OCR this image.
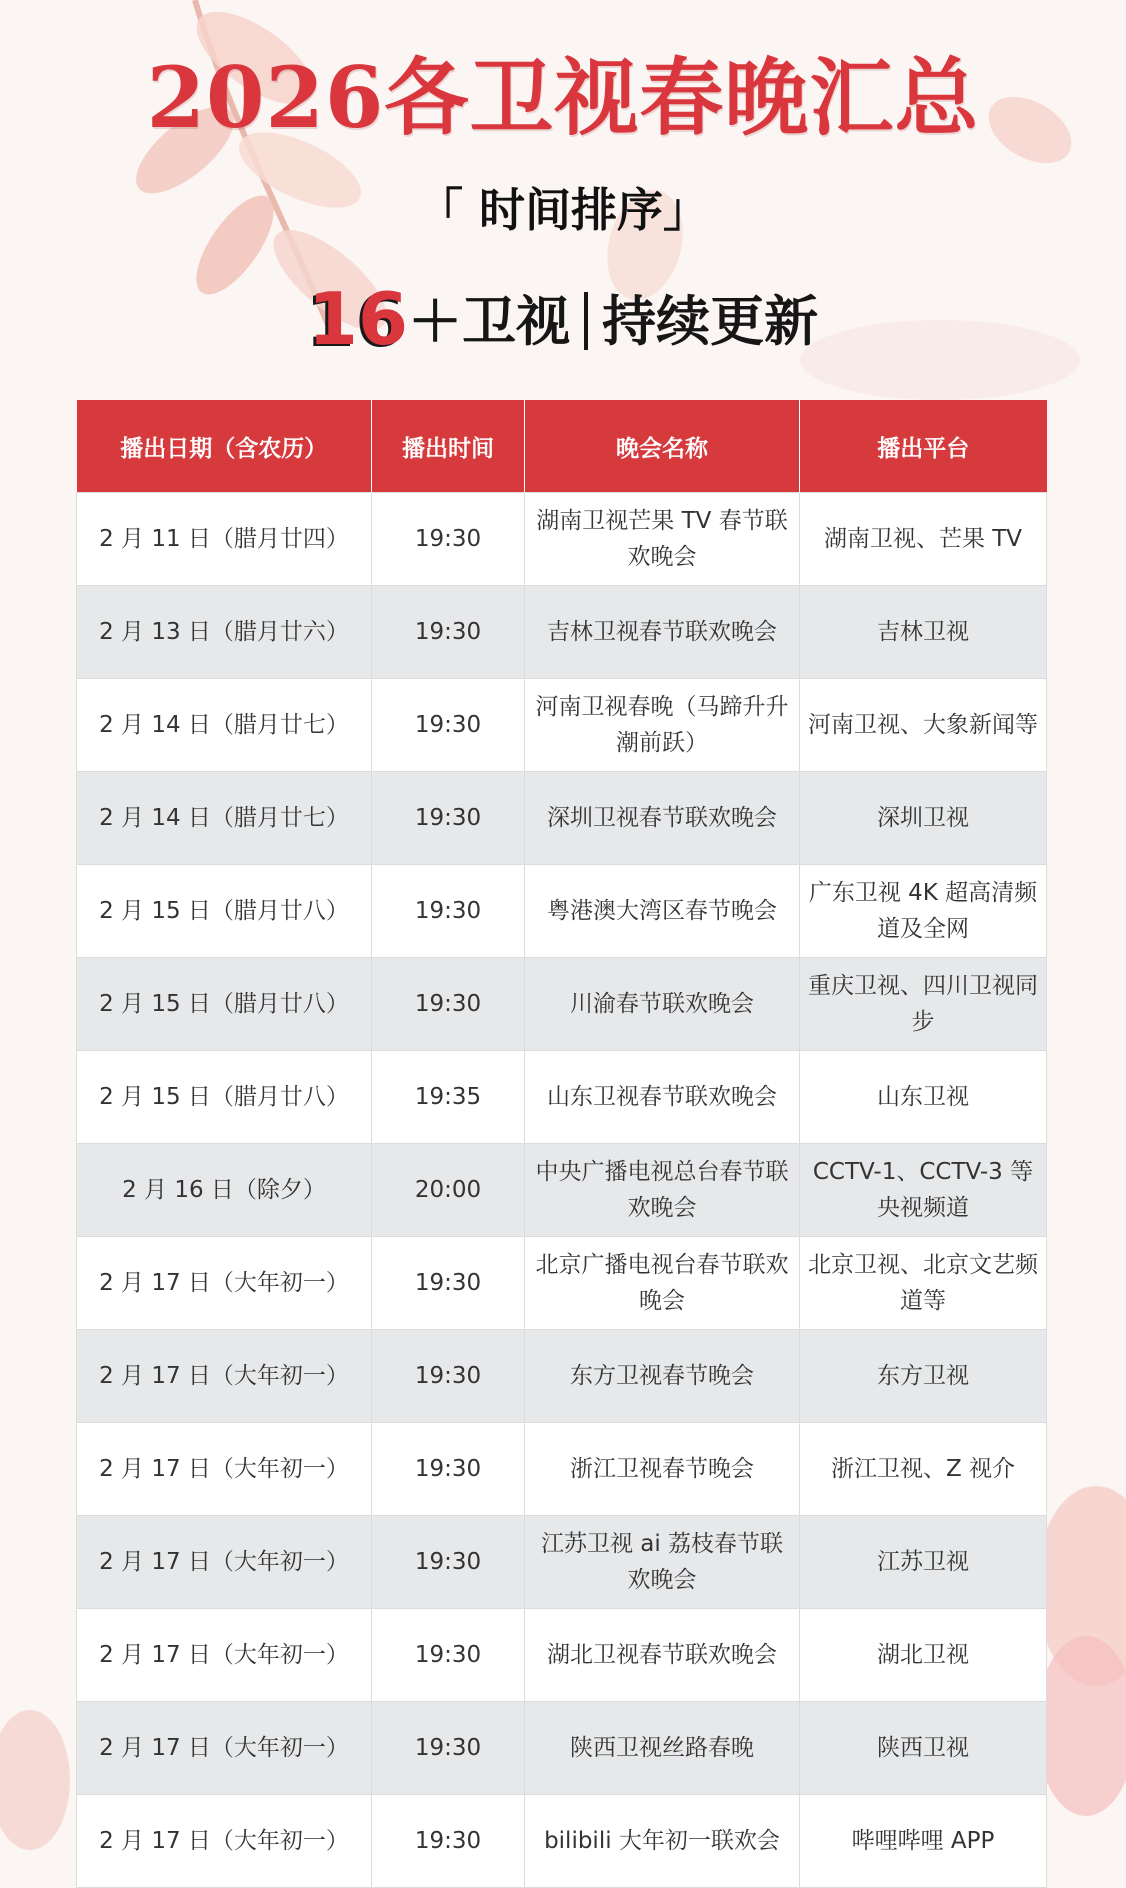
2026各卫视春晚汇总
「 时间排序」
16＋卫视 持续更新
播出日期（含农历）	播出时间	晚会名称	播出平台
2 月 11 日（腊月廿四）	19:30	湖南卫视芒果 TV 春节联欢晚会	湖南卫视、芒果 TV
2 月 13 日（腊月廿六）	19:30	吉林卫视春节联欢晚会	吉林卫视
2 月 14 日（腊月廿七）	19:30	河南卫视春晚（马蹄升升潮前跃）	河南卫视、大象新闻等
2 月 14 日（腊月廿七）	19:30	深圳卫视春节联欢晚会	深圳卫视
2 月 15 日（腊月廿八）	19:30	粤港澳大湾区春节晚会	广东卫视 4K 超高清频道及全网
2 月 15 日（腊月廿八）	19:30	川渝春节联欢晚会	重庆卫视、四川卫视同步
2 月 15 日（腊月廿八）	19:35	山东卫视春节联欢晚会	山东卫视
2 月 16 日（除夕）	20:00	中央广播电视总台春节联欢晚会	CCTV-1、CCTV-3 等央视频道
2 月 17 日（大年初一）	19:30	北京广播电视台春节联欢晚会	北京卫视、北京文艺频道等
2 月 17 日（大年初一）	19:30	东方卫视春节晚会	东方卫视
2 月 17 日（大年初一）	19:30	浙江卫视春节晚会	浙江卫视、Z 视介
2 月 17 日（大年初一）	19:30	江苏卫视 ai 荔枝春节联欢晚会	江苏卫视
2 月 17 日（大年初一）	19:30	湖北卫视春节联欢晚会	湖北卫视
2 月 17 日（大年初一）	19:30	陕西卫视丝路春晚	陕西卫视
2 月 17 日（大年初一）	19:30	bilibili 大年初一联欢会	哔哩哔哩 APP
